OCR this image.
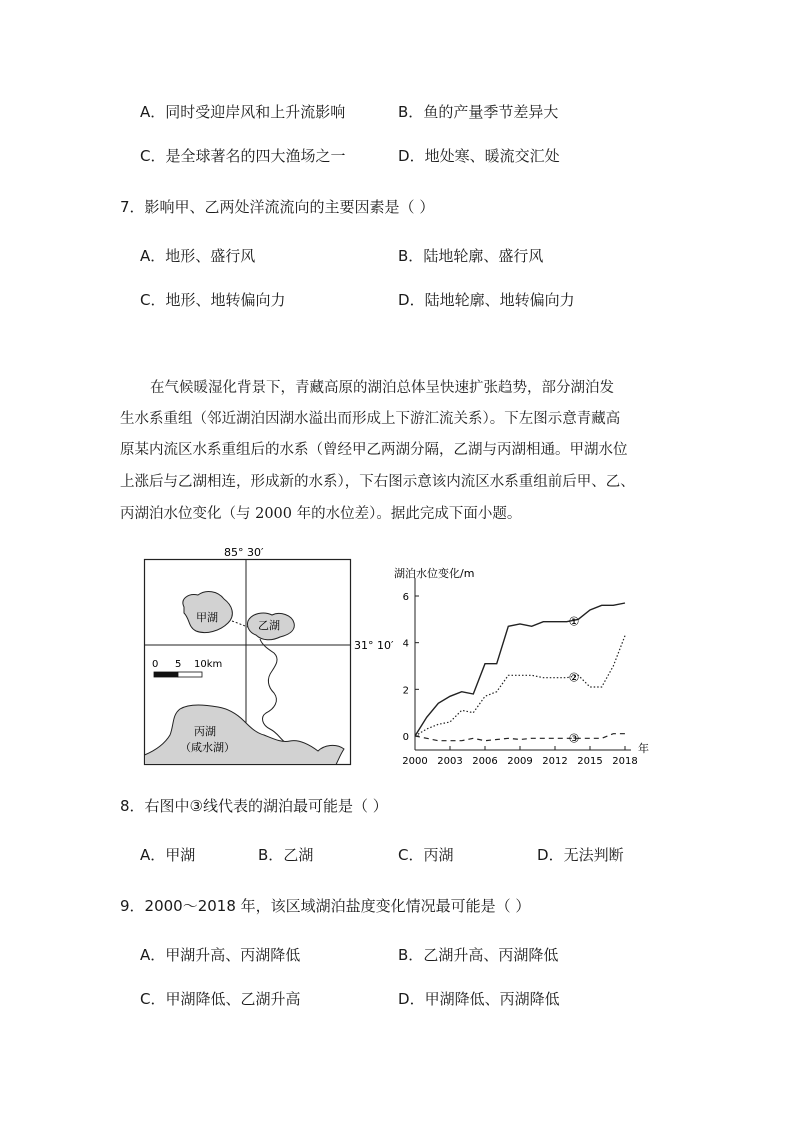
A．同时受迎岸风和上升流影响	B．鱼的产量季节差异大
C．是全球著名的四大渔场之一	D．地处寒、暖流交汇处
7．影响甲、乙两处洋流流向的主要因素是（ ）
A．地形、盛行风	B．陆地轮廓、盛行风
C．地形、地转偏向力	D．陆地轮廓、地转偏向力
在气候暖湿化背景下，青藏高原的湖泊总体呈快速扩张趋势，部分湖泊发
生水系重组（邻近湖泊因湖水溢出而形成上下游汇流关系）。下左图示意青藏高
原某内流区水系重组后的水系（曾经甲乙两湖分隔，乙湖与丙湖相通。甲湖水位
上涨后与乙湖相连，形成新的水系），下右图示意该内流区水系重组前后甲、乙、
丙湖泊水位变化（与 2000 年的水位差）。据此完成下面小题。
85° 30′
31° 10′
甲湖
乙湖
丙湖
（咸水湖）
0 5 10km
湖泊水位变化/m
年
0
2
4
6
2000 2003 2006 2009 2012 2015 2018
①
②
③
8．右图中③线代表的湖泊最可能是（ ）
A．甲湖	B．乙湖	C．丙湖	D．无法判断
9．2000～2018 年，该区域湖泊盐度变化情况最可能是（ ）
A．甲湖升高、丙湖降低	B．乙湖升高、丙湖降低
C．甲湖降低、乙湖升高	D．甲湖降低、丙湖降低
